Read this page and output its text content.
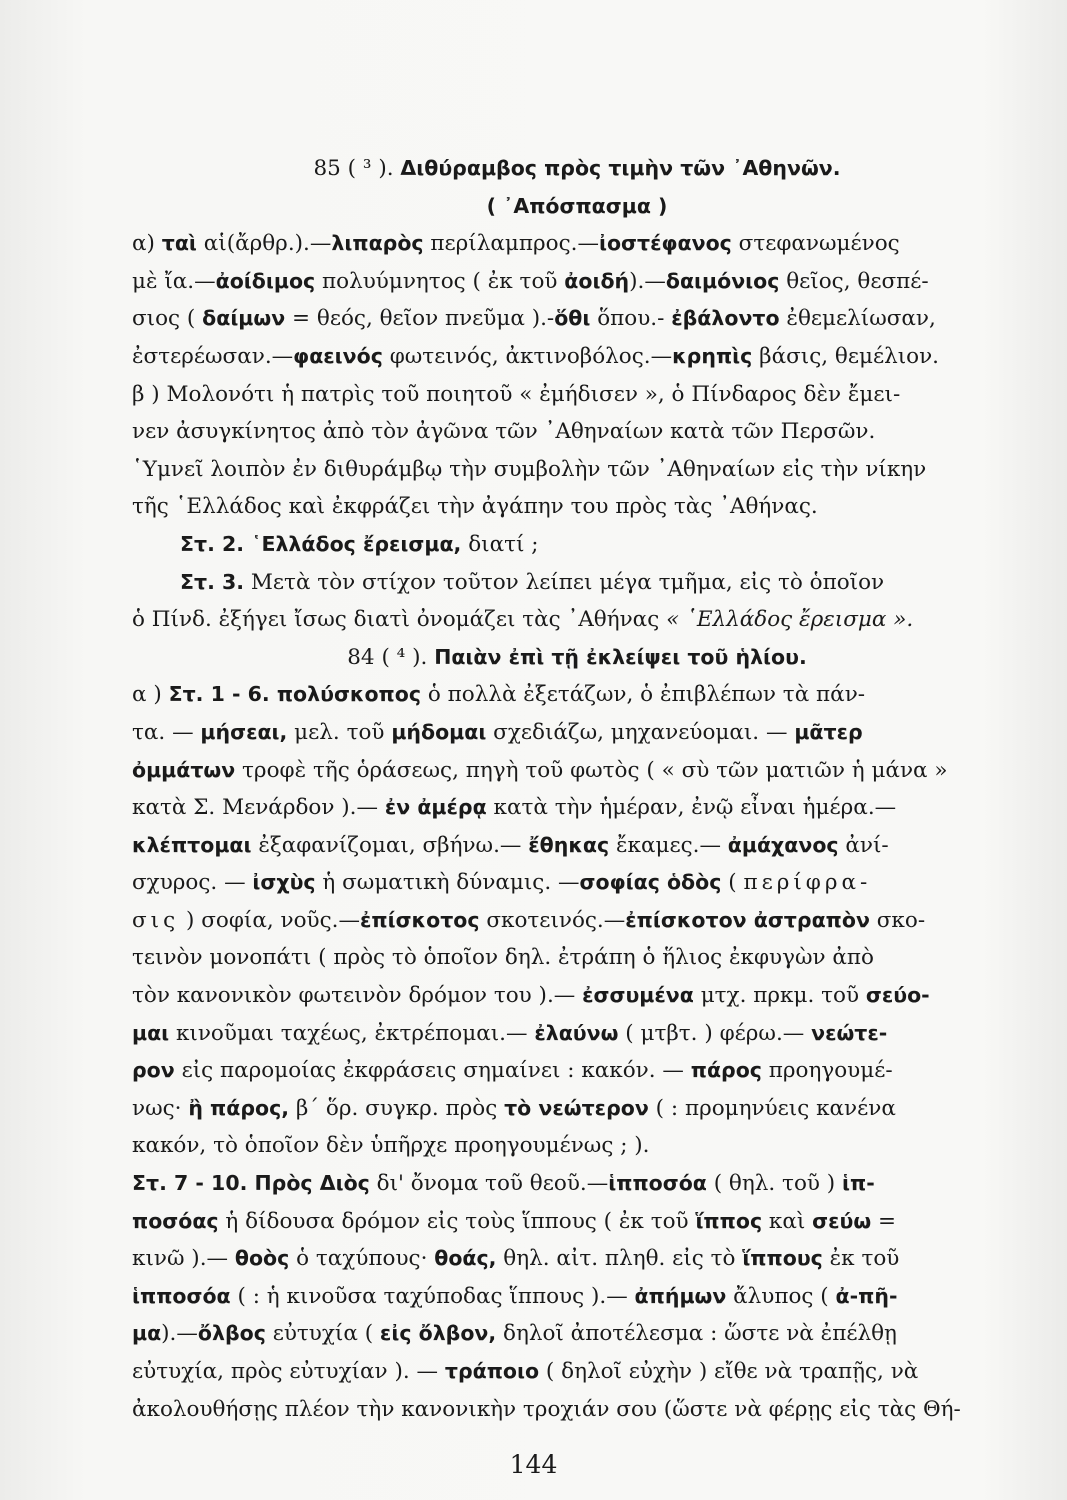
85 ( ³ ). Διθύραμβος πρὸς τιμὴν τῶν ᾿Αθηνῶν.
( ᾿Απόσπασμα )
α) ταὶ αἱ(ἄρθρ.).—λιπαρὸς περίλαμπρος.—ἰοστέφανος στεφανωμένος
μὲ ἴα.—ἀοίδιμος πολυύμνητος ( ἐκ τοῦ ἀοιδή).—δαιμόνιος θεῖος, θεσπέ-
σιος ( δαίμων = θεός, θεῖον πνεῦμα ).-ὅθι ὅπου.- ἐβάλοντο ἐθεμελίωσαν,
ἐστερέωσαν.—φαεινός φωτεινός, ἀκτινοβόλος.—κρηπὶς βάσις, θεμέλιον.
β ) Μολονότι ἡ πατρὶς τοῦ ποιητοῦ « ἐμήδισεν », ὁ Πίνδαρος δὲν ἔμει-
νεν ἀσυγκίνητος ἀπὸ τὸν ἀγῶνα τῶν ᾿Αθηναίων κατὰ τῶν Περσῶν.
῾Υμνεῖ λοιπὸν ἐν διθυράμβῳ τὴν συμβολὴν τῶν ᾿Αθηναίων εἰς τὴν νίκην
τῆς ῾Ελλάδος καὶ ἐκφράζει τὴν ἀγάπην του πρὸς τὰς ᾿Αθήνας.
Στ. 2. ῾Ελλάδος ἔρεισμα, διατί ;
Στ. 3. Μετὰ τὸν στίχον τοῦτον λείπει μέγα τμῆμα, εἰς τὸ ὁποῖον
ὁ Πίνδ. ἐξήγει ἴσως διατὶ ὀνομάζει τὰς ᾿Αθήνας « ῾Ελλάδος ἔρεισμα ».
84 ( ⁴ ). Παιὰν ἐπὶ τῇ ἐκλείψει τοῦ ἡλίου.
α ) Στ. 1 - 6. πολύσκοπος ὁ πολλὰ ἐξετάζων, ὁ ἐπιβλέπων τὰ πάν-
τα. — μήσεαι, μελ. τοῦ μήδομαι σχεδιάζω, μηχανεύομαι. — μᾶτερ
ὀμμάτων τροφὲ τῆς ὁράσεως, πηγὴ τοῦ φωτὸς ( « σὺ τῶν ματιῶν ἡ μάνα »
κατὰ Σ. Μενάρδον ).— ἐν ἀμέρᾳ κατὰ τὴν ἡμέραν, ἐνῷ εἶναι ἡμέρα.—
κλέπτομαι ἐξαφανίζομαι, σβήνω.— ἔθηκας ἔκαμες.— ἀμάχανος ἀνί-
σχυρος. — ἰσχὺς ἡ σωματικὴ δύναμις. —σοφίας ὁδὸς ( περίφρα-
σις ) σοφία, νοῦς.—ἐπίσκοτος σκοτεινός.—ἐπίσκοτον ἀστραπὸν σκο-
τεινὸν μονοπάτι ( πρὸς τὸ ὁποῖον δηλ. ἐτράπη ὁ ἥλιος ἐκφυγὼν ἀπὸ
τὸν κανονικὸν φωτεινὸν δρόμον του ).— ἐσσυμένα μτχ. πρκμ. τοῦ σεύο-
μαι κινοῦμαι ταχέως, ἐκτρέπομαι.— ἐλαύνω ( μτβτ. ) φέρω.— νεώτε-
ρον εἰς παρομοίας ἐκφράσεις σημαίνει : κακόν. — πάρος προηγουμέ-
νως· ἢ πάρος, β΄ ὅρ. συγκρ. πρὸς τὸ νεώτερον ( : προμηνύεις κανένα
κακόν, τὸ ὁποῖον δὲν ὑπῆρχε προηγουμένως ; ).
Στ. 7 - 10. Πρὸς Διὸς δι' ὄνομα τοῦ θεοῦ.—ἱπποσόα ( θηλ. τοῦ ) ἱπ-
ποσόας ἡ δίδουσα δρόμον εἰς τοὺς ἵππους ( ἐκ τοῦ ἵππος καὶ σεύω =
κινῶ ).— θοὸς ὁ ταχύπους· θοάς, θηλ. αἰτ. πληθ. εἰς τὸ ἵππους ἐκ τοῦ
ἱπποσόα ( : ἡ κινοῦσα ταχύποδας ἵππους ).— ἀπήμων ἄλυπος ( ἀ-πῆ-
μα).—ὄλβος εὐτυχία ( εἰς ὄλβον, δηλοῖ ἀποτέλεσμα : ὥστε νὰ ἐπέλθῃ
εὐτυχία, πρὸς εὐτυχίαν ). — τράποιο ( δηλοῖ εὐχὴν ) εἴθε νὰ τραπῇς, νὰ
ἀκολουθήσῃς πλέον τὴν κανονικὴν τροχιάν σου (ὥστε νὰ φέρῃς εἰς τὰς Θή-
144
